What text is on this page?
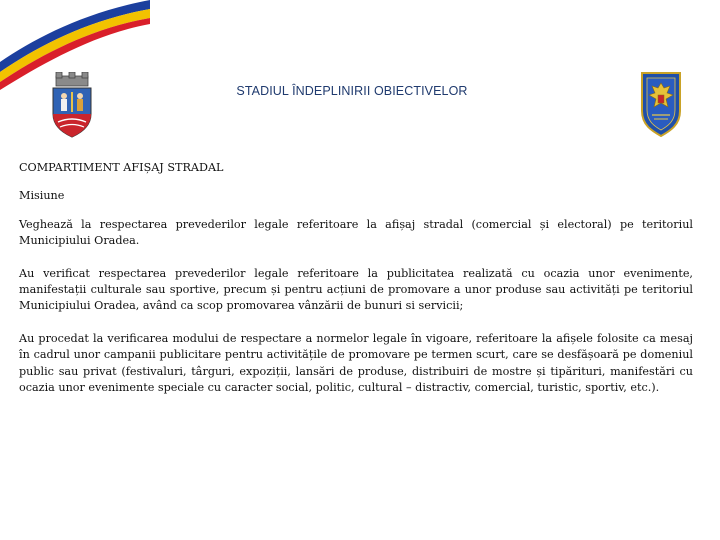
STADIUL ÎNDEPLINIRII OBIECTIVELOR

COMPARTIMENT AFIȘAJ STRADAL

Misiune

Veghează la respectarea prevederilor legale referitoare la afișaj stradal (comercial și electoral) pe teritoriul Municipiului Oradea.

Au verificat respectarea prevederilor legale referitoare la publicitatea realizată cu ocazia unor evenimente, manifestații culturale sau sportive, precum și pentru acțiuni de promovare a unor produse sau activități pe teritoriul Municipiului Oradea, având ca scop promovarea vânzării de bunuri si servicii;

Au procedat la verificarea modului de respectare a normelor legale în vigoare, referitoare la afișele folosite ca mesaj în cadrul unor campanii publicitare pentru activitățile de promovare pe termen scurt, care se desfășoară pe domeniul public sau privat (festivaluri, târguri, expoziții, lansări de produse, distribuiri de mostre și tipărituri, manifestări cu ocazia unor evenimente speciale cu caracter social, politic, cultural – distractiv, comercial, turistic, sportiv, etc.).
